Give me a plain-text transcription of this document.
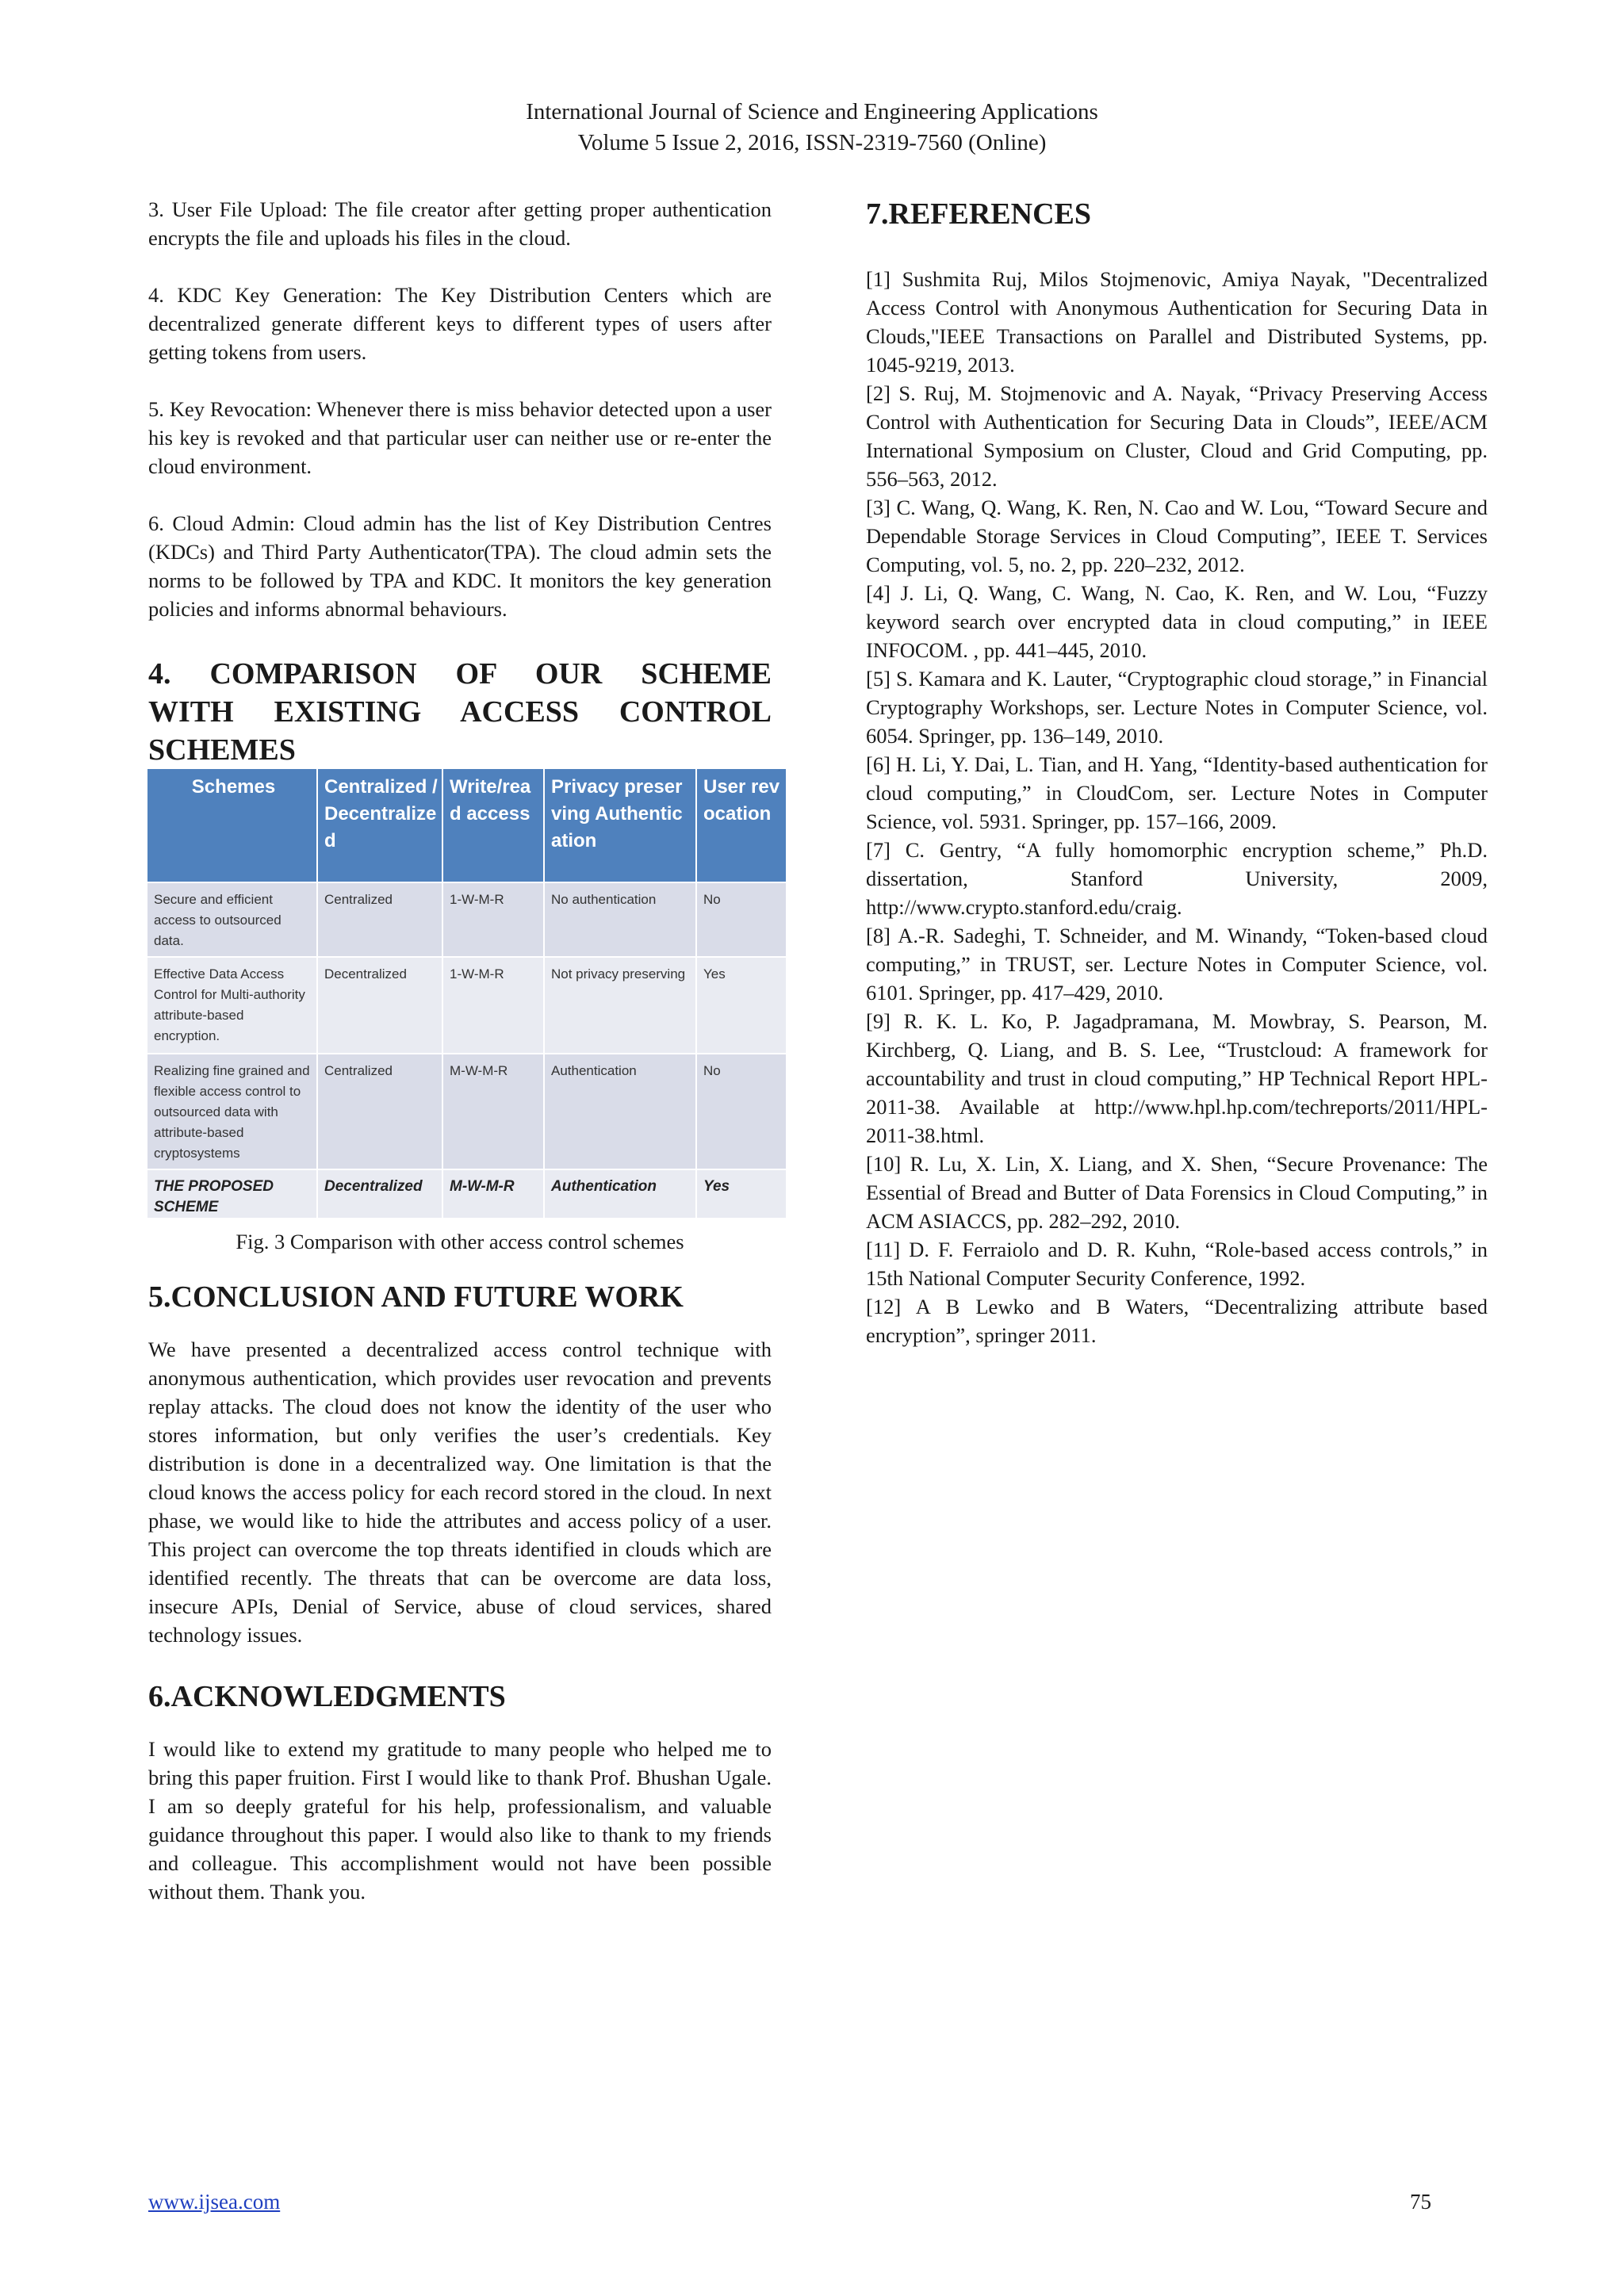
International Journal of Science and Engineering Applications
Volume 5 Issue 2, 2016, ISSN-2319-7560 (Online)

3. User File Upload: The file creator after getting proper authentication encrypts the file and uploads his files in the cloud.

4. KDC Key Generation: The Key Distribution Centers which are decentralized generate different keys to different types of users after getting tokens from users.

5. Key Revocation: Whenever there is miss behavior detected upon a user his key is revoked and that particular user can neither use or re-enter the cloud environment.

6. Cloud Admin: Cloud admin has the list of Key Distribution Centres (KDCs) and Third Party Authenticator(TPA). The cloud admin sets the norms to be followed by TPA and KDC. It monitors the key generation policies and informs abnormal behaviours.

4. COMPARISON OF OUR SCHEME
WITH EXISTING ACCESS CONTROL
SCHEMES
Schemes	Centralized / Decentralized	Write/read access	Privacy preserving Authentication	User revocation
Secure and efficient access to outsourced data.	Centralized	1-W-M-R	No authentication	No
Effective Data Access Control for Multi-authority attribute-based encryption.	Decentralized	1-W-M-R	Not privacy preserving	Yes
Realizing fine grained and flexible access control to outsourced data with attribute-based cryptosystems	Centralized	M-W-M-R	Authentication	No
THE PROPOSED SCHEME	Decentralized	M-W-M-R	Authentication	Yes

Fig. 3 Comparison with other access control schemes

5.CONCLUSION AND FUTURE WORK

We have presented a decentralized access control technique with anonymous authentication, which provides user revocation and prevents replay attacks. The cloud does not know the identity of the user who stores information, but only verifies the user’s credentials. Key distribution is done in a decentralized way. One limitation is that the cloud knows the access policy for each record stored in the cloud. In next phase, we would like to hide the attributes and access policy of a user. This project can overcome the top threats identified in clouds which are identified recently. The threats that can be overcome are data loss, insecure APIs, Denial of Service, abuse of cloud services, shared technology issues.

6.ACKNOWLEDGMENTS

I would like to extend my gratitude to many people who helped me to bring this paper fruition. First I would like to thank Prof. Bhushan Ugale. I am so deeply grateful for his help, professionalism, and valuable guidance throughout this paper. I would also like to thank to my friends and colleague. This accomplishment would not have been possible without them. Thank you.

7.REFERENCES

[1] Sushmita Ruj, Milos Stojmenovic, Amiya Nayak, "Decentralized Access Control with Anonymous Authentication for Securing Data in Clouds,"IEEE Transactions on Parallel and Distributed Systems, pp. 1045-9219, 2013.

[2] S. Ruj, M. Stojmenovic and A. Nayak, “Privacy Preserving Access Control with Authentication for Securing Data in Clouds”, IEEE/ACM International Symposium on Cluster, Cloud and Grid Computing, pp. 556–563, 2012.

[3] C. Wang, Q. Wang, K. Ren, N. Cao and W. Lou, “Toward Secure and Dependable Storage Services in Cloud Computing”, IEEE T. Services Computing, vol. 5, no. 2, pp. 220–232, 2012.

[4] J. Li, Q. Wang, C. Wang, N. Cao, K. Ren, and W. Lou, “Fuzzy keyword search over encrypted data in cloud computing,” in IEEE INFOCOM. , pp. 441–445, 2010.

[5] S. Kamara and K. Lauter, “Cryptographic cloud storage,” in Financial Cryptography Workshops, ser. Lecture Notes in Computer Science, vol. 6054. Springer, pp. 136–149, 2010.

[6] H. Li, Y. Dai, L. Tian, and H. Yang, “Identity-based authentication for cloud computing,” in CloudCom, ser. Lecture Notes in Computer Science, vol. 5931. Springer, pp. 157–166, 2009.

[7] C. Gentry, “A fully homomorphic encryption scheme,” Ph.D. dissertation, Stanford University, 2009, http://www.crypto.stanford.edu/craig.

[8] A.-R. Sadeghi, T. Schneider, and M. Winandy, “Token-based cloud computing,” in TRUST, ser. Lecture Notes in Computer Science, vol. 6101. Springer, pp. 417–429, 2010.

[9] R. K. L. Ko, P. Jagadpramana, M. Mowbray, S. Pearson, M. Kirchberg, Q. Liang, and B. S. Lee, “Trustcloud: A framework for accountability and trust in cloud computing,” HP Technical Report HPL-2011-38. Available at http://www.hpl.hp.com/techreports/2011/HPL-2011-38.html.

[10] R. Lu, X. Lin, X. Liang, and X. Shen, “Secure Provenance: The Essential of Bread and Butter of Data Forensics in Cloud Computing,” in ACM ASIACCS, pp. 282–292, 2010.

[11] D. F. Ferraiolo and D. R. Kuhn, “Role-based access controls,” in 15th National Computer Security Conference, 1992.

[12] A B Lewko and B Waters, “Decentralizing attribute based encryption”, springer 2011.

www.ijsea.com	75
